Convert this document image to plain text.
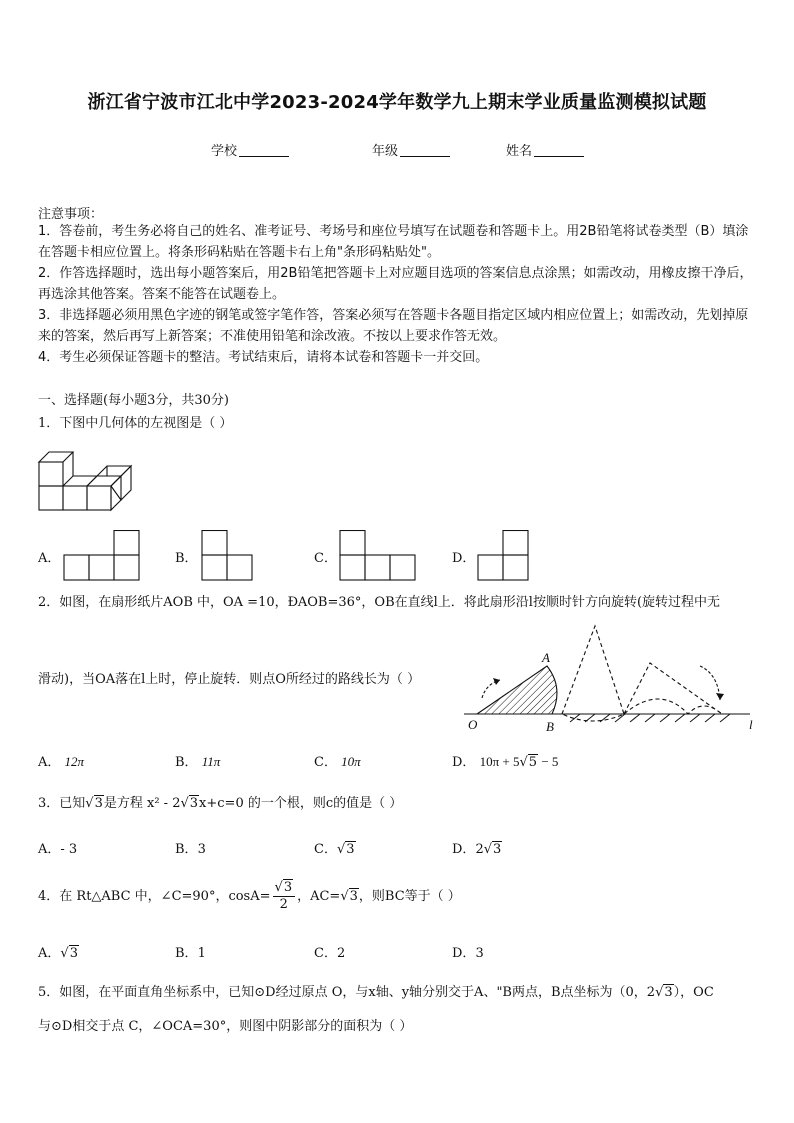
浙江省宁波市江北中学2023-2024学年数学九上期末学业质量监测模拟试题
学校	年级	姓名
注意事项：
1．答卷前，考生务必将自己的姓名、准考证号、考场号和座位号填写在试题卷和答题卡上。用2B铅笔将试卷类型（B）填涂在答题卡相应位置上。将条形码粘贴在答题卡右上角"条形码粘贴处"。
2．作答选择题时，选出每小题答案后，用2B铅笔把答题卡上对应题目选项的答案信息点涂黑；如需改动，用橡皮擦干净后，再选涂其他答案。答案不能答在试题卷上。
3．非选择题必须用黑色字迹的钢笔或签字笔作答，答案必须写在答题卡各题目指定区域内相应位置上；如需改动，先划掉原来的答案，然后再写上新答案；不准使用铅笔和涂改液。不按以上要求作答无效。
4．考生必须保证答题卡的整洁。考试结束后，请将本试卷和答题卡一并交回。
一、选择题(每小题3分，共30分)
1．下图中几何体的左视图是（ ）
A．	B．	C．	D．
2．如图，在扇形纸片AOB 中，OA =10，ÐAOB=36°，OB在直线l上．将此扇形沿l按顺时针方向旋转(旋转过程中无
滑动)，当OA落在l上时，停止旋转．则点O所经过的路线长为（ ）
A
O	B	l
A． 12π	B． 11π	C． 10π	D． 10π + 5√5 − 5
3．已知√3是方程 x² - 2√3x+c=0 的一个根，则c的值是（ ）
A．- 3	B．3	C．√3	D．2√3
4．在 Rt△ABC 中，∠C=90°，$\cos A= \frac{√3}{2}$ ，AC=√3，则BC等于（ ）
A．√3	B．1	C．2	D．3
5．如图，在平面直角坐标系中，已知⊙D经过原点 O，与x轴、y轴分别交于A、"B两点，B点坐标为（0，2√3），OC
与⊙D相交于点 C，∠OCA=30°，则图中阴影部分的面积为（ ）
